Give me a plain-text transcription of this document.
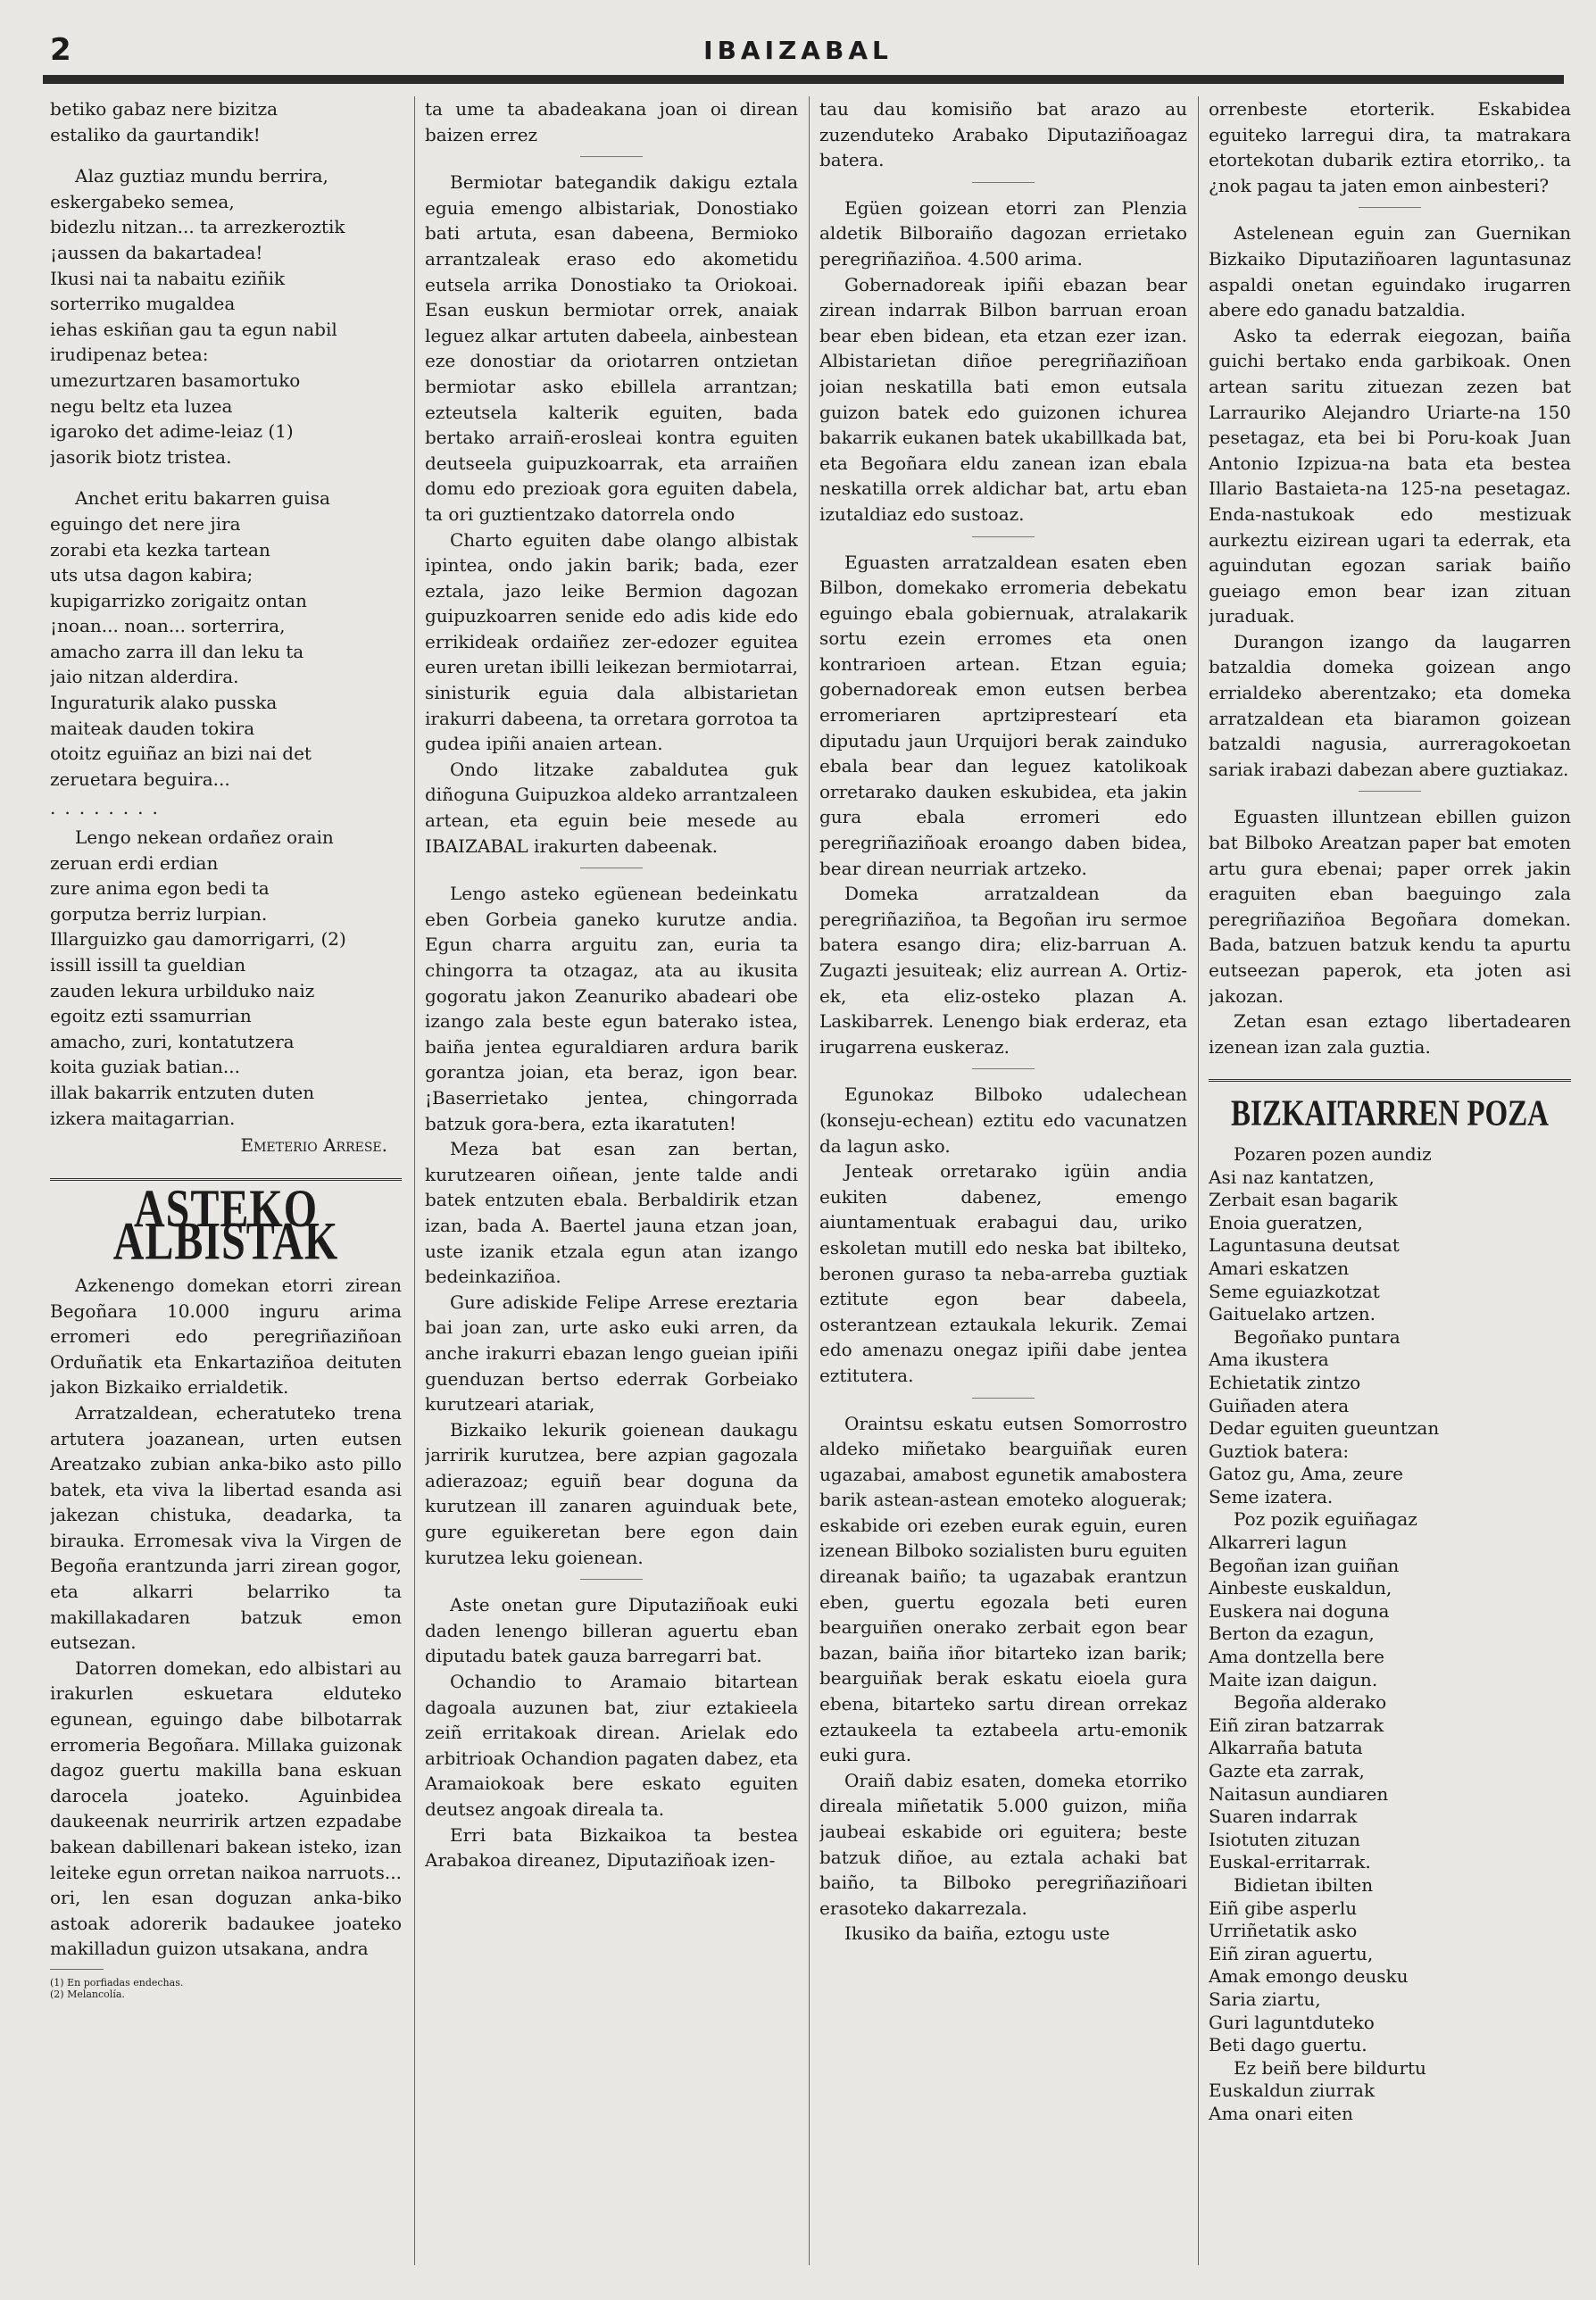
2	IBAIZABAL

betiko gabaz nere bizitza

estaliko da gaurtandik!

Alaz guztiaz mundu berrira,

eskergabeko semea,

bidezlu nitzan... ta arrezkeroztik

¡aussen da bakartadea!

Ikusi nai ta nabaitu eziñik

sorterriko mugaldea

iehas eskiñan gau ta egun nabil

irudipenaz betea:

umezurtzaren basamortuko

negu beltz eta luzea

igaroko det adime-leiaz (1)

jasorik biotz tristea.

Anchet eritu bakarren guisa

eguingo det nere jira

zorabi eta kezka tartean

uts utsa dagon kabira;

kupigarrizko zorigaitz ontan

¡noan... noan... sorterrira,

amacho zarra ill dan leku ta

jaio nitzan alderdira.

Inguraturik alako pusska

maiteak dauden tokira

otoitz eguiñaz an bizi nai det

zeruetara beguira...

........

Lengo nekean ordañez orain

zeruan erdi erdian

zure anima egon bedi ta

gorputza berriz lurpian.

Illarguizko gau damorrigarri, (2)

issill issill ta gueldian

zauden lekura urbilduko naiz

egoitz ezti ssamurrian

amacho, zuri, kontatutzera

koita guziak batian...

illak bakarrik entzuten duten

izkera maitagarrian.

Emeterio Arrese.

ASTEKO ALBISTAK

Azkenengo domekan etorri zirean Begoñara 10.000 inguru arima erromeri edo peregriñaziñoan Orduñatik eta Enkartaziñoa deituten jakon Bizkaiko errialdetik.

Arratzaldean, echeratuteko trena artutera joazanean, urten eutsen Areatzako zubian anka-biko asto pillo batek, eta viva la libertad esanda asi jakezan chistuka, deadarka, ta birauka. Erromesak viva la Virgen de Begoña erantzunda jarri zirean gogor, eta alkarri belarriko ta makillakadaren batzuk emon eutsezan.

Datorren domekan, edo albistari au irakurlen eskuetara elduteko egunean, eguingo dabe bilbotarrak erromeria Begoñara. Millaka guizonak dagoz guertu makilla bana eskuan darocela joateko. Aguinbidea daukeenak neurririk artzen ezpadabe bakean dabillenari bakean isteko, izan leiteke egun orretan naikoa narruots... ori, len esan doguzan anka-biko astoak adorerik badaukee joateko makilladun guizon utsakana, andra

(1) En porfiadas endechas.

(2) Melancolía.

ta ume ta abadeakana joan oi direan baizen errez

Bermiotar bategandik dakigu eztala eguia emengo albistariak, Donostiako bati artuta, esan dabeena, Bermioko arrantzaleak eraso edo akometidu eutsela arrika Donostiako ta Oriokoai. Esan euskun bermiotar orrek, anaiak leguez alkar artuten dabeela, ainbestean eze donostiar da oriotarren ontzietan bermiotar asko ebillela arrantzan; ezteutsela kalterik eguiten, bada bertako arraiñ-erosleai kontra eguiten deutseela guipuzkoarrak, eta arraiñen domu edo prezioak gora eguiten dabela, ta ori guztientzako datorrela ondo

Charto eguiten dabe olango albistak ipintea, ondo jakin barik; bada, ezer eztala, jazo leike Bermion dagozan guipuzkoarren senide edo adis kide edo errikideak ordaiñez zer-edozer eguitea euren uretan ibilli leikezan bermiotarrai, sinisturik eguia dala albistarietan irakurri dabeena, ta orretara gorrotoa ta gudea ipiñi anaien artean.

Ondo litzake zabaldutea guk diñoguna Guipuzkoa aldeko arrantzaleen artean, eta eguin beie mesede au IBAIZABAL irakurten dabeenak.

Lengo asteko egüenean bedeinkatu eben Gorbeia ganeko kurutze andia. Egun charra arguitu zan, euria ta chingorra ta otzagaz, ata au ikusita gogoratu jakon Zeanuriko abadeari obe izango zala beste egun baterako istea, baiña jentea eguraldiaren ardura barik gorantza joian, eta beraz, igon bear. ¡Baserrietako jentea, chingorrada batzuk gora-bera, ezta ikaratuten!

Meza bat esan zan bertan, kurutzearen oiñean, jente talde andi batek entzuten ebala. Berbaldirik etzan izan, bada A. Baertel jauna etzan joan, uste izanik etzala egun atan izango bedeinkaziñoa.

Gure adiskide Felipe Arrese ereztaria bai joan zan, urte asko euki arren, da anche irakurri ebazan lengo gueian ipiñi guenduzan bertso ederrak Gorbeiako kurutzeari atariak,

Bizkaiko lekurik goienean daukagu jarririk kurutzea, bere azpian gagozala adierazoaz; eguiñ bear doguna da kurutzean ill zanaren aguinduak bete, gure eguikeretan bere egon dain kurutzea leku goienean.

Aste onetan gure Diputaziñoak euki daden lenengo billeran aguertu eban diputadu batek gauza barregarri bat.

Ochandio to Aramaio bitartean dagoala auzunen bat, ziur eztakieela zeiñ erritakoak direan. Arielak edo arbitrioak Ochandion pagaten dabez, eta Aramaiokoak bere eskato eguiten deutsez angoak direala ta.

Erri bata Bizkaikoa ta bestea Arabakoa direanez, Diputaziñoak izen-

tau dau komisiño bat arazo au zuzenduteko Arabako Diputaziñoagaz batera.

Egüen goizean etorri zan Plenzia aldetik Bilboraiño dagozan errietako peregriñaziñoa. 4.500 arima.

Gobernadoreak ipiñi ebazan bear zirean indarrak Bilbon barruan eroan bear eben bidean, eta etzan ezer izan. Albistarietan diñoe peregriñaziñoan joian neskatilla bati emon eutsala guizon batek edo guizonen ichurea bakarrik eukanen batek ukabillkada bat, eta Begoñara eldu zanean izan ebala neskatilla orrek aldichar bat, artu eban izutaldiaz edo sustoaz.

Eguasten arratzaldean esaten eben Bilbon, domekako erromeria debekatu eguingo ebala gobiernuak, atralakarik sortu ezein erromes eta onen kontrarioen artean. Etzan eguia; gobernadoreak emon eutsen berbea erromeriaren aprtziprestearí eta diputadu jaun Urquijori berak zainduko ebala bear dan leguez katolikoak orretarako dauken eskubidea, eta jakin gura ebala erromeri edo peregriñaziñoak eroango daben bidea, bear direan neurriak artzeko.

Domeka arratzaldean da peregriñaziñoa, ta Begoñan iru sermoe batera esango dira; eliz-barruan A. Zugazti jesuiteak; eliz aurrean A. Ortiz-ek, eta eliz-osteko plazan A. Laskibarrek. Lenengo biak erderaz, eta irugarrena euskeraz.

Egunokaz Bilboko udalechean (konseju-echean) eztitu edo vacunatzen da lagun asko.

Jenteak orretarako igüin andia eukiten dabenez, emengo aiuntamentuak erabagui dau, uriko eskoletan mutill edo neska bat ibilteko, beronen guraso ta neba-arreba guztiak eztitute egon bear dabeela, osterantzean eztaukala lekurik. Zemai edo amenazu onegaz ipiñi dabe jentea eztitutera.

Oraintsu eskatu eutsen Somorrostro aldeko miñetako bearguiñak euren ugazabai, amabost egunetik amabostera barik astean-astean emoteko aloguerak; eskabide ori ezeben eurak eguin, euren izenean Bilboko sozialisten buru eguiten direanak baiño; ta ugazabak erantzun eben, guertu egozala beti euren bearguiñen onerako zerbait egon bear bazan, baiña iñor bitarteko izan barik; bearguiñak berak eskatu eioela gura ebena, bitarteko sartu direan orrekaz eztaukeela ta eztabeela artu-emonik euki gura.

Oraiñ dabiz esaten, domeka etorriko direala miñetatik 5.000 guizon, miña jaubeai eskabide ori eguitera; beste batzuk diñoe, au eztala achaki bat baiño, ta Bilboko peregriñaziñoari erasoteko dakarrezala.

Ikusiko da baiña, eztogu uste

orrenbeste etorterik. Eskabidea eguiteko larregui dira, ta matrakara etortekotan dubarik eztira etorriko,. ta ¿nok pagau ta jaten emon ainbesteri?

Astelenean eguin zan Guernikan Bizkaiko Diputaziñoaren laguntasunaz aspaldi onetan eguindako irugarren abere edo ganadu batzaldia.

Asko ta ederrak eiegozan, baiña guichi bertako enda garbikoak. Onen artean saritu zituezan zezen bat Larrauriko Alejandro Uriarte-na 150 pesetagaz, eta bei bi Poru-koak Juan Antonio Izpizua-na bata eta bestea Illario Bastaieta-na 125-na pesetagaz. Enda-nastukoak edo mestizuak aurkeztu eizirean ugari ta ederrak, eta aguindutan egozan sariak baiño gueiago emon bear izan zituan juraduak.

Durangon izango da laugarren batzaldia domeka goizean ango errialdeko aberentzako; eta domeka arratzaldean eta biaramon goizean batzaldi nagusia, aurreragokoetan sariak irabazi dabezan abere guztiakaz.

Eguasten illuntzean ebillen guizon bat Bilboko Areatzan paper bat emoten artu gura ebenai; paper orrek jakin eraguiten eban baeguingo zala peregriñaziñoa Begoñara domekan. Bada, batzuen batzuk kendu ta apurtu eutseezan paperok, eta joten asi jakozan.

Zetan esan eztago libertadearen izenean izan zala guztia.

BIZKAITARREN POZA

Pozaren pozen aundiz

Asi naz kantatzen,

Zerbait esan bagarik

Enoia gueratzen,

Laguntasuna deutsat

Amari eskatzen

Seme eguiazkotzat

Gaituelako artzen.

Begoñako puntara

Ama ikustera

Echietatik zintzo

Guiñaden atera

Dedar eguiten gueuntzan

Guztiok batera:

Gatoz gu, Ama, zeure

Seme izatera.

Poz pozik eguiñagaz

Alkarreri lagun

Begoñan izan guiñan

Ainbeste euskaldun,

Euskera nai doguna

Berton da ezagun,

Ama dontzella bere

Maite izan daigun.

Begoña alderako

Eiñ ziran batzarrak

Alkarraña batuta

Gazte eta zarrak,

Naitasun aundiaren

Suaren indarrak

Isiotuten zituzan

Euskal-erritarrak.

Bidietan ibilten

Eiñ gibe asperlu

Urriñetatik asko

Eiñ ziran aguertu,

Amak emongo deusku

Saria ziartu,

Guri laguntduteko

Beti dago guertu.

Ez beiñ bere bildurtu

Euskaldun ziurrak

Ama onari eiten
